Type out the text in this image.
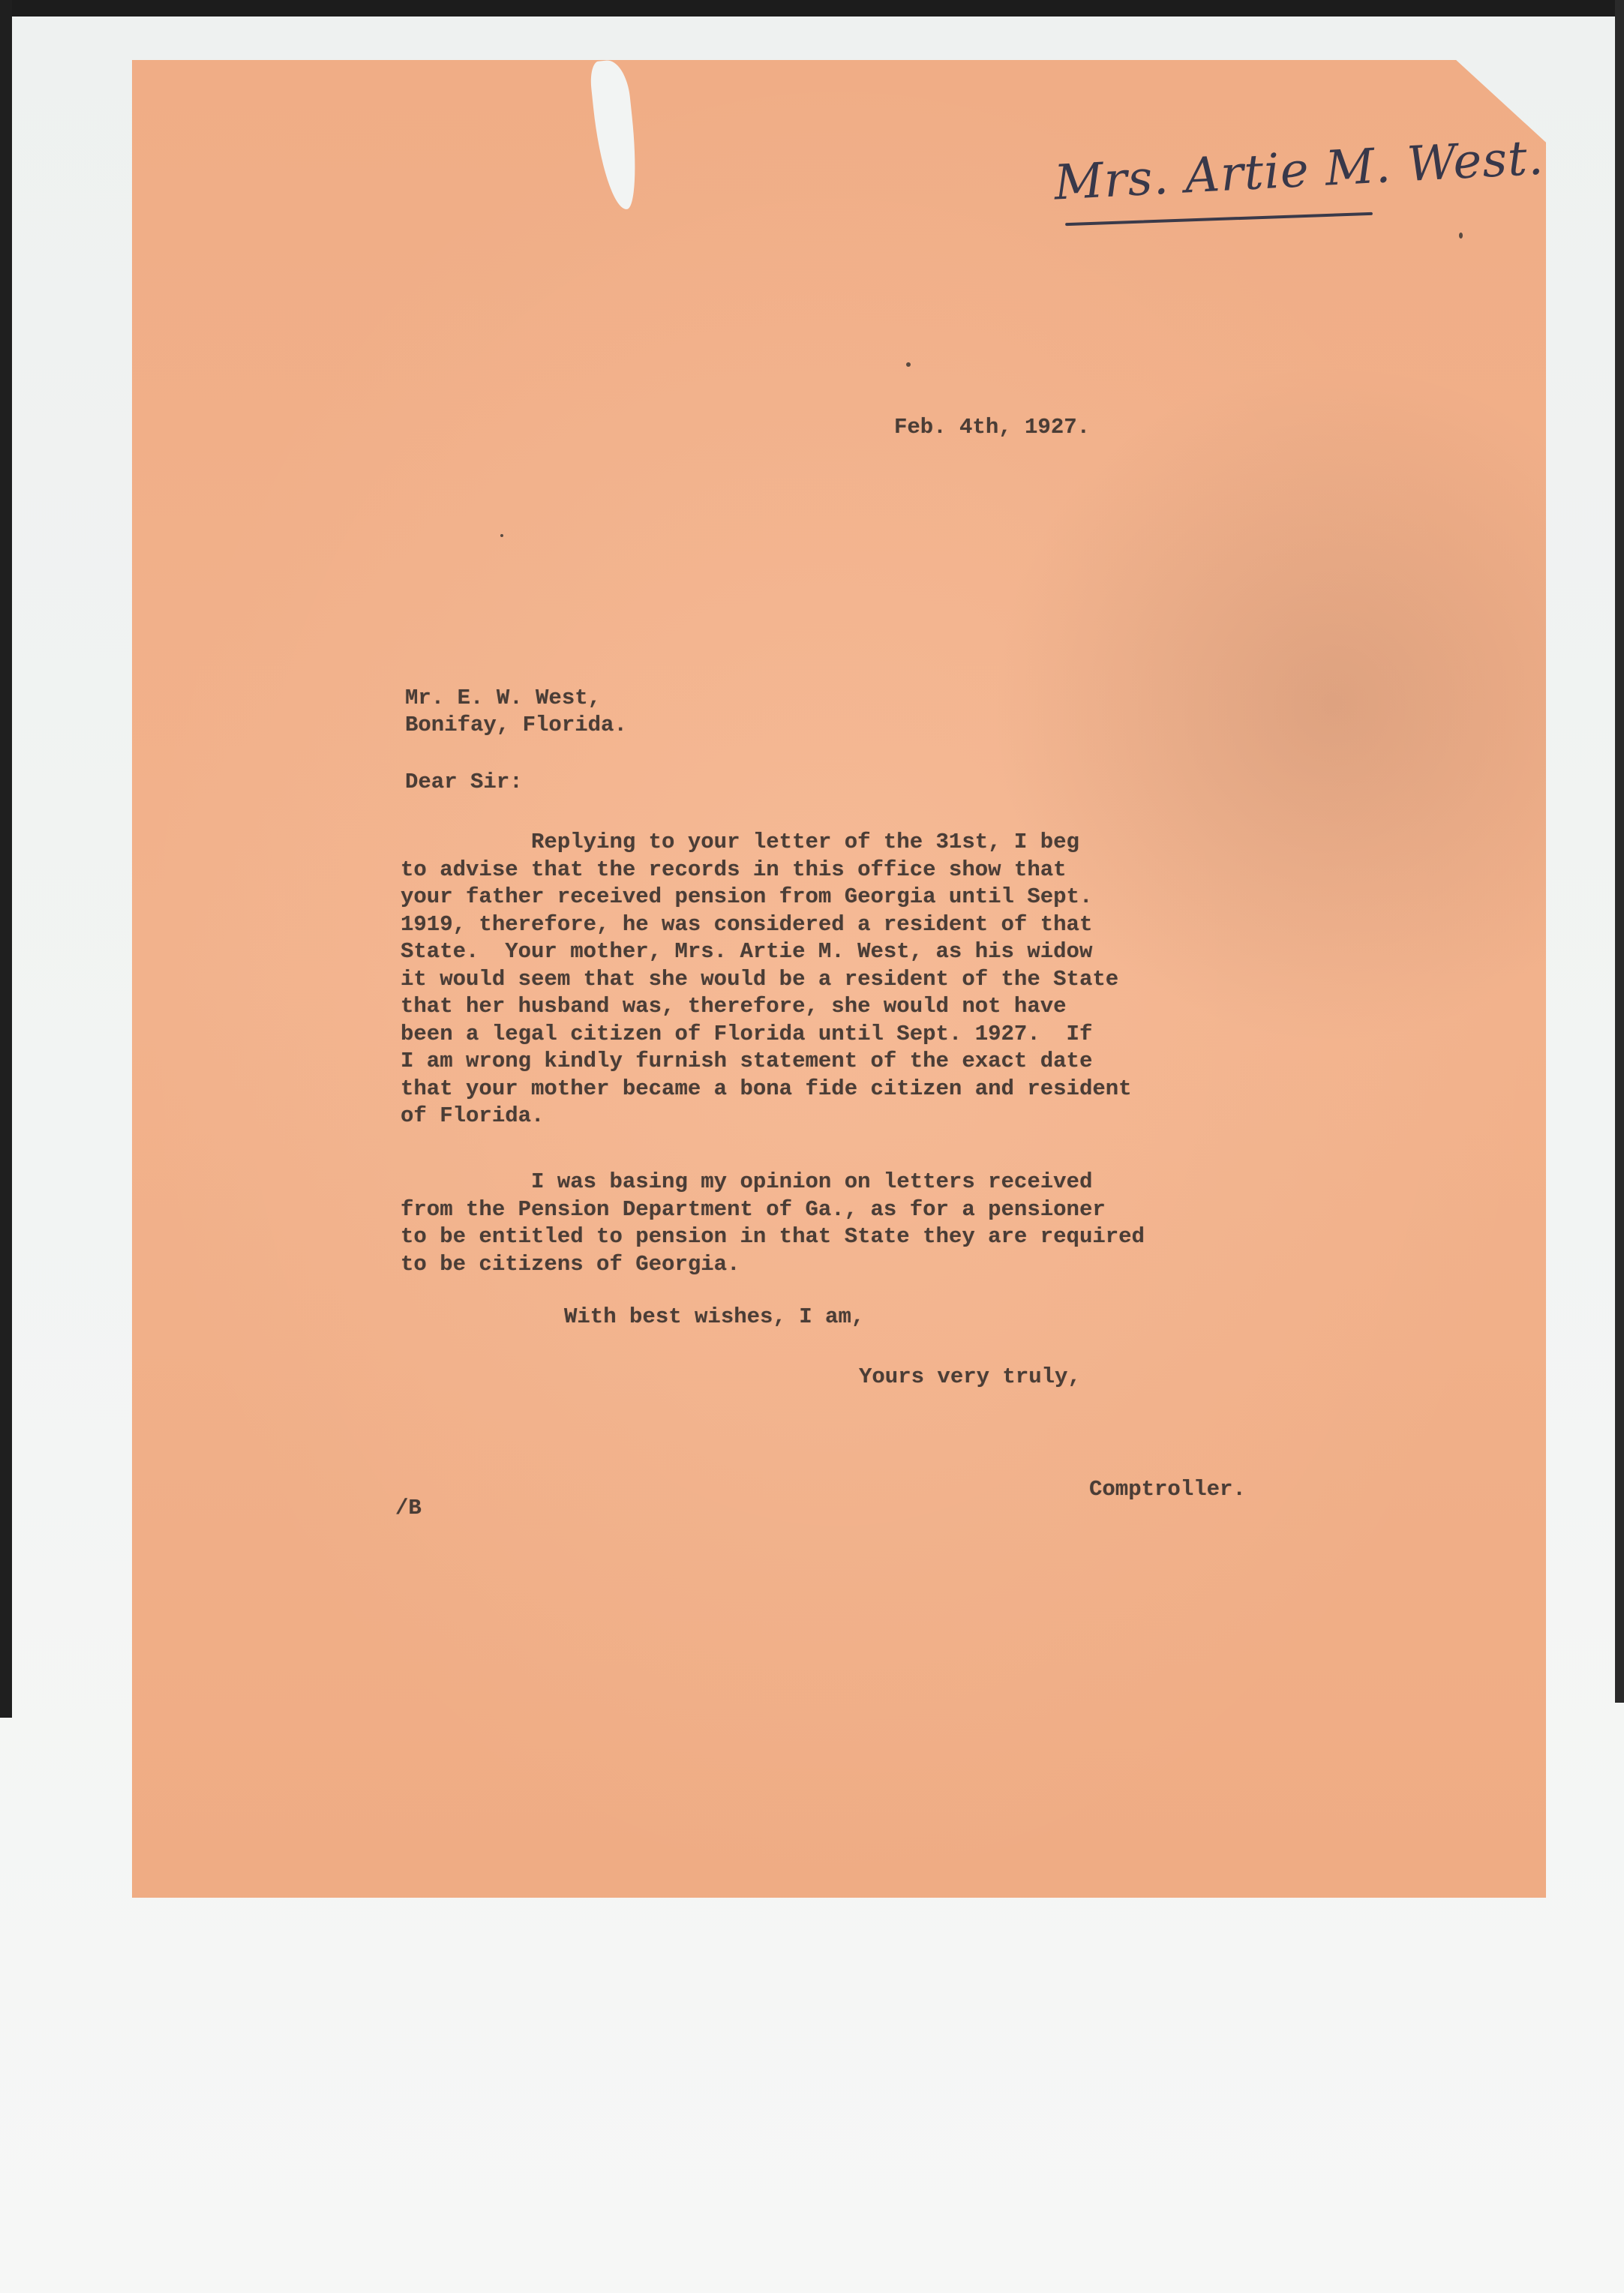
Mrs. Artie M. West.
Feb. 4th, 1927.
Mr. E. W. West,
Bonifay, Florida.
Dear Sir:
Replying to your letter of the 31st, I beg
to advise that the records in this office show that
your father received pension from Georgia until Sept.
1919, therefore, he was considered a resident of that
State.  Your mother, Mrs. Artie M. West, as his widow
it would seem that she would be a resident of the State
that her husband was, therefore, she would not have
been a legal citizen of Florida until Sept. 1927.  If
I am wrong kindly furnish statement of the exact date
that your mother became a bona fide citizen and resident
of Florida.
I was basing my opinion on letters received
from the Pension Department of Ga., as for a pensioner
to be entitled to pension in that State they are required
to be citizens of Georgia.
With best wishes, I am,
Yours very truly,
Comptroller.
/B
